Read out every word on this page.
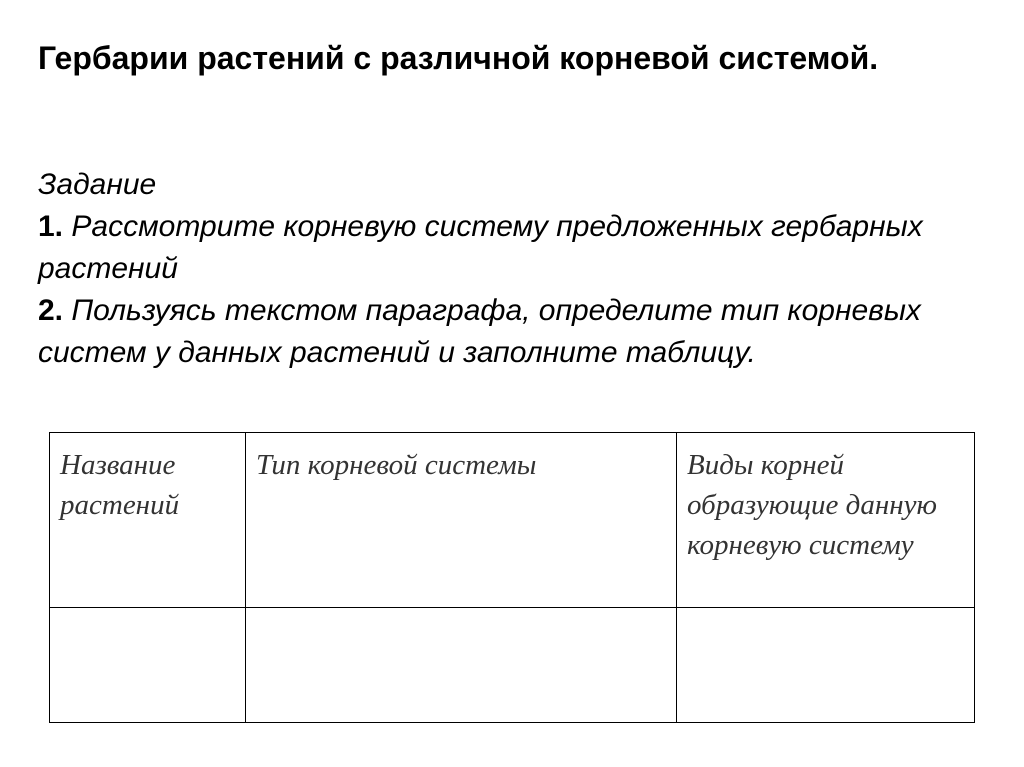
Гербарии растений с различной корневой системой.
Задание
1. Рассмотрите корневую систему предложенных гербарных растений
2. Пользуясь текстом параграфа, определите тип корневых систем у данных растений и заполните таблицу.
Название растений	Тип корневой системы	Виды корней образующие данную корневую систему
